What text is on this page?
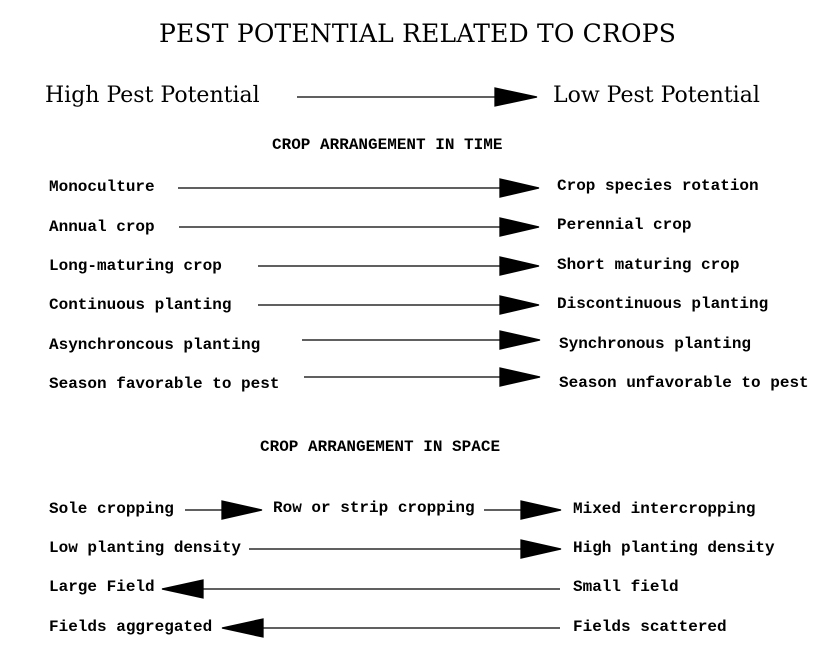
PEST POTENTIAL RELATED TO CROPS
High Pest Potential	Low Pest Potential
CROP ARRANGEMENT IN TIME
Monoculture	Crop species rotation
Annual crop	Perennial crop
Long-maturing crop	Short maturing crop
Continuous planting	Discontinuous planting
Asynchroncous planting	Synchronous planting
Season favorable to pest	Season unfavorable to pest
CROP ARRANGEMENT IN SPACE
Sole cropping	Row or strip cropping	Mixed intercropping
Low planting density	High planting density
Large Field	Small field
Fields aggregated	Fields scattered
